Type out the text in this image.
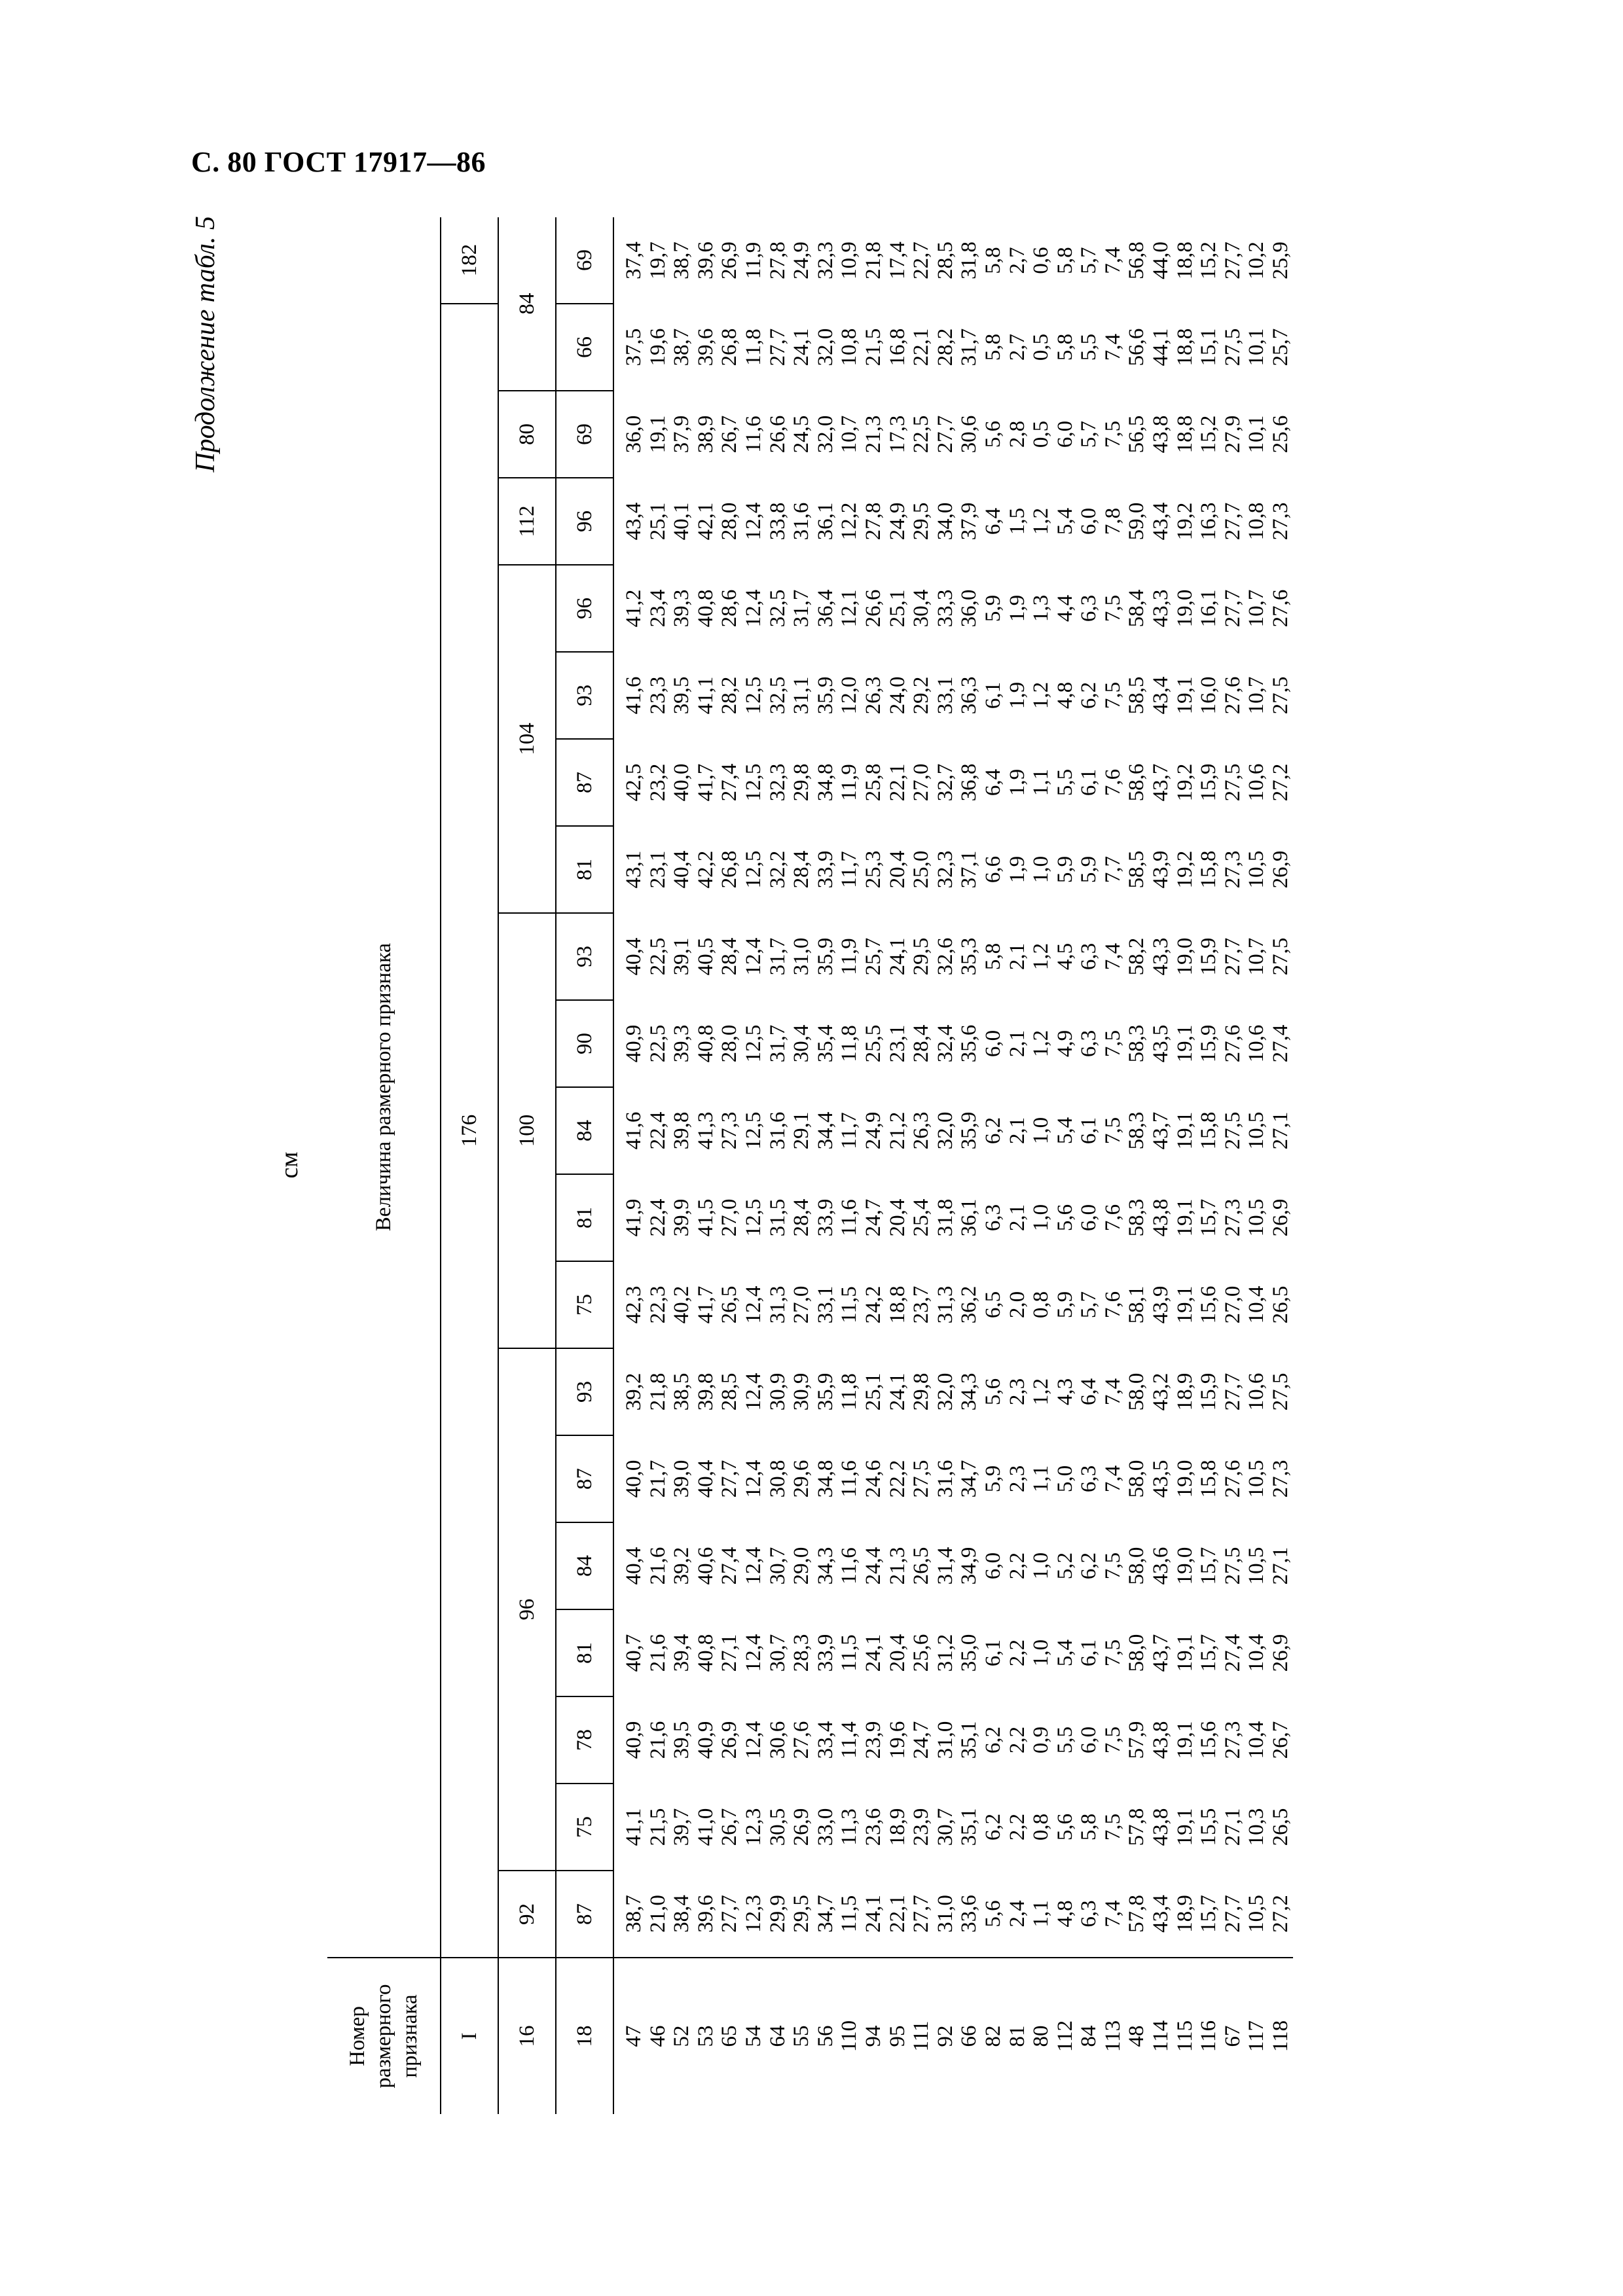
С. 80 ГОСТ 17917—86
Продолжение табл. 5
см
Номер размерного признака	Величина размерного признака																			
I	176																			182
16	92	96						100					104				112	80	84	
18	87	75	78	81	84	87	93	75	81	84	90	93	81	87	93	96	96	69	66	69
47	38,7	41,1	40,9	40,7	40,4	40,0	39,2	42,3	41,9	41,6	40,9	40,4	43,1	42,5	41,6	41,2	43,4	36,0	37,5	37,4
46	21,0	21,5	21,6	21,6	21,6	21,7	21,8	22,3	22,4	22,4	22,5	22,5	23,1	23,2	23,3	23,4	25,1	19,1	19,6	19,7
52	38,4	39,7	39,5	39,4	39,2	39,0	38,5	40,2	39,9	39,8	39,3	39,1	40,4	40,0	39,5	39,3	40,1	37,9	38,7	38,7
53	39,6	41,0	40,9	40,8	40,6	40,4	39,8	41,7	41,5	41,3	40,8	40,5	42,2	41,7	41,1	40,8	42,1	38,9	39,6	39,6
65	27,7	26,7	26,9	27,1	27,4	27,7	28,5	26,5	27,0	27,3	28,0	28,4	26,8	27,4	28,2	28,6	28,0	26,7	26,8	26,9
54	12,3	12,3	12,4	12,4	12,4	12,4	12,4	12,4	12,5	12,5	12,5	12,4	12,5	12,5	12,5	12,4	12,4	11,6	11,8	11,9
64	29,9	30,5	30,6	30,7	30,7	30,8	30,9	31,3	31,5	31,6	31,7	31,7	32,2	32,3	32,5	32,5	33,8	26,6	27,7	27,8
55	29,5	26,9	27,6	28,3	29,0	29,6	30,9	27,0	28,4	29,1	30,4	31,0	28,4	29,8	31,1	31,7	31,6	24,5	24,1	24,9
56	34,7	33,0	33,4	33,9	34,3	34,8	35,9	33,1	33,9	34,4	35,4	35,9	33,9	34,8	35,9	36,4	36,1	32,0	32,0	32,3
110	11,5	11,3	11,4	11,5	11,6	11,6	11,8	11,5	11,6	11,7	11,8	11,9	11,7	11,9	12,0	12,1	12,2	10,7	10,8	10,9
94	24,1	23,6	23,9	24,1	24,4	24,6	25,1	24,2	24,7	24,9	25,5	25,7	25,3	25,8	26,3	26,6	27,8	21,3	21,5	21,8
95	22,1	18,9	19,6	20,4	21,3	22,2	24,1	18,8	20,4	21,2	23,1	24,1	20,4	22,1	24,0	25,1	24,9	17,3	16,8	17,4
111	27,7	23,9	24,7	25,6	26,5	27,5	29,8	23,7	25,4	26,3	28,4	29,5	25,0	27,0	29,2	30,4	29,5	22,5	22,1	22,7
92	31,0	30,7	31,0	31,2	31,4	31,6	32,0	31,3	31,8	32,0	32,4	32,6	32,3	32,7	33,1	33,3	34,0	27,7	28,2	28,5
66	33,6	35,1	35,1	35,0	34,9	34,7	34,3	36,2	36,1	35,9	35,6	35,3	37,1	36,8	36,3	36,0	37,9	30,6	31,7	31,8
82	5,6	6,2	6,2	6,1	6,0	5,9	5,6	6,5	6,3	6,2	6,0	5,8	6,6	6,4	6,1	5,9	6,4	5,6	5,8	5,8
81	2,4	2,2	2,2	2,2	2,2	2,3	2,3	2,0	2,1	2,1	2,1	2,1	1,9	1,9	1,9	1,9	1,5	2,8	2,7	2,7
80	1,1	0,8	0,9	1,0	1,0	1,1	1,2	0,8	1,0	1,0	1,2	1,2	1,0	1,1	1,2	1,3	1,2	0,5	0,5	0,6
112	4,8	5,6	5,5	5,4	5,2	5,0	4,3	5,9	5,6	5,4	4,9	4,5	5,9	5,5	4,8	4,4	5,4	6,0	5,8	5,8
84	6,3	5,8	6,0	6,1	6,2	6,3	6,4	5,7	6,0	6,1	6,3	6,3	5,9	6,1	6,2	6,3	6,0	5,7	5,5	5,7
113	7,4	7,5	7,5	7,5	7,5	7,4	7,4	7,6	7,6	7,5	7,5	7,4	7,7	7,6	7,5	7,5	7,8	7,5	7,4	7,4
48	57,8	57,8	57,9	58,0	58,0	58,0	58,0	58,1	58,3	58,3	58,3	58,2	58,5	58,6	58,5	58,4	59,0	56,5	56,6	56,8
114	43,4	43,8	43,8	43,7	43,6	43,5	43,2	43,9	43,8	43,7	43,5	43,3	43,9	43,7	43,4	43,3	43,4	43,8	44,1	44,0
115	18,9	19,1	19,1	19,1	19,0	19,0	18,9	19,1	19,1	19,1	19,1	19,0	19,2	19,2	19,1	19,0	19,2	18,8	18,8	18,8
116	15,7	15,5	15,6	15,7	15,7	15,8	15,9	15,6	15,7	15,8	15,9	15,9	15,8	15,9	16,0	16,1	16,3	15,2	15,1	15,2
67	27,7	27,1	27,3	27,4	27,5	27,6	27,7	27,0	27,3	27,5	27,6	27,7	27,3	27,5	27,6	27,7	27,7	27,9	27,5	27,7
117	10,5	10,3	10,4	10,4	10,5	10,5	10,6	10,4	10,5	10,5	10,6	10,7	10,5	10,6	10,7	10,7	10,8	10,1	10,1	10,2
118	27,2	26,5	26,7	26,9	27,1	27,3	27,5	26,5	26,9	27,1	27,4	27,5	26,9	27,2	27,5	27,6	27,3	25,6	25,7	25,9
